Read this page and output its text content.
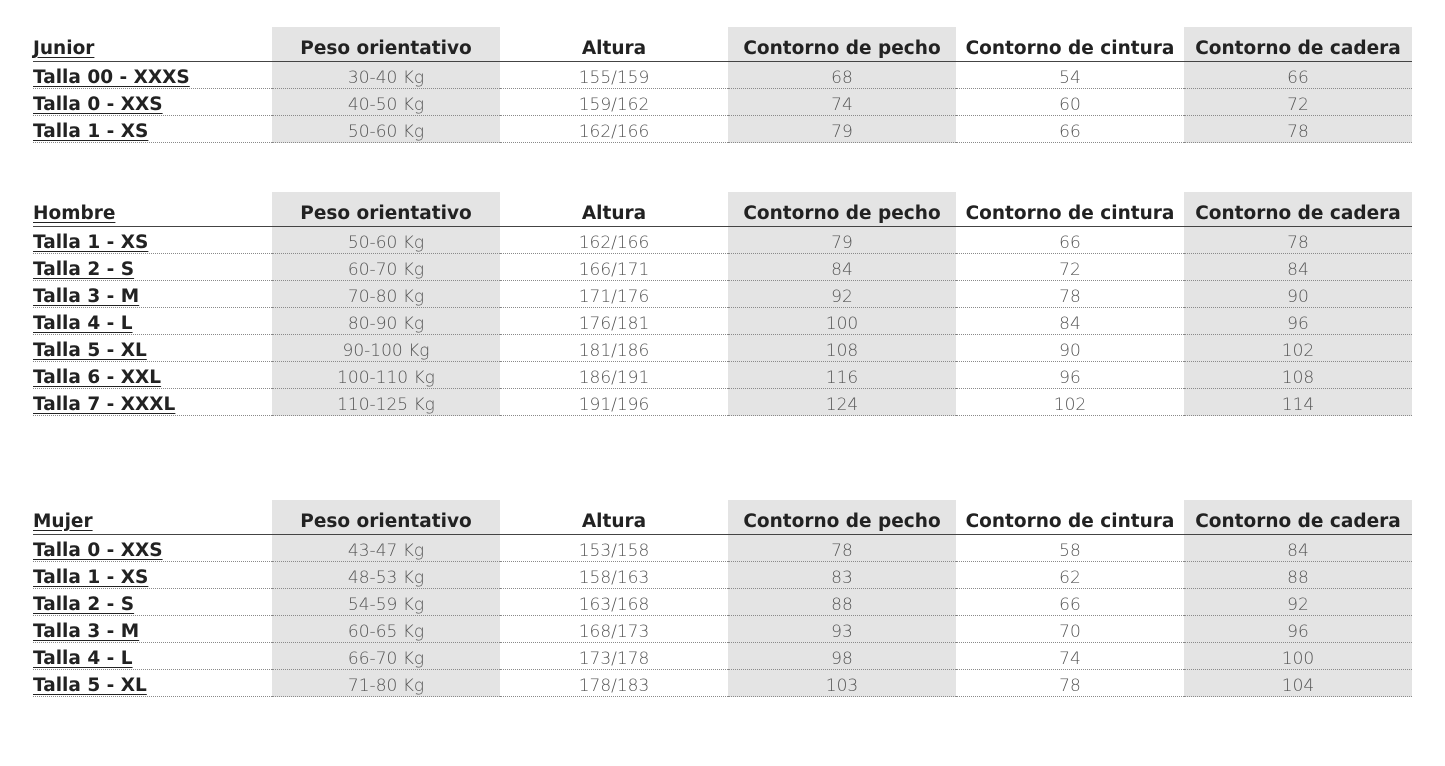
Junior	Peso orientativo	Altura	Contorno de pecho	Contorno de cintura	Contorno de cadera
Talla 00 - XXXS	30-40 Kg	155/159	68	54	66
Talla 0 - XXS	40-50 Kg	159/162	74	60	72
Talla 1 - XS	50-60 Kg	162/166	79	66	78
Hombre	Peso orientativo	Altura	Contorno de pecho	Contorno de cintura	Contorno de cadera
Talla 1 - XS	50-60 Kg	162/166	79	66	78
Talla 2 - S	60-70 Kg	166/171	84	72	84
Talla 3 - M	70-80 Kg	171/176	92	78	90
Talla 4 - L	80-90 Kg	176/181	100	84	96
Talla 5 - XL	90-100 Kg	181/186	108	90	102
Talla 6 - XXL	100-110 Kg	186/191	116	96	108
Talla 7 - XXXL	110-125 Kg	191/196	124	102	114
Mujer	Peso orientativo	Altura	Contorno de pecho	Contorno de cintura	Contorno de cadera
Talla 0 - XXS	43-47 Kg	153/158	78	58	84
Talla 1 - XS	48-53 Kg	158/163	83	62	88
Talla 2 - S	54-59 Kg	163/168	88	66	92
Talla 3 - M	60-65 Kg	168/173	93	70	96
Talla 4 - L	66-70 Kg	173/178	98	74	100
Talla 5 - XL	71-80 Kg	178/183	103	78	104
